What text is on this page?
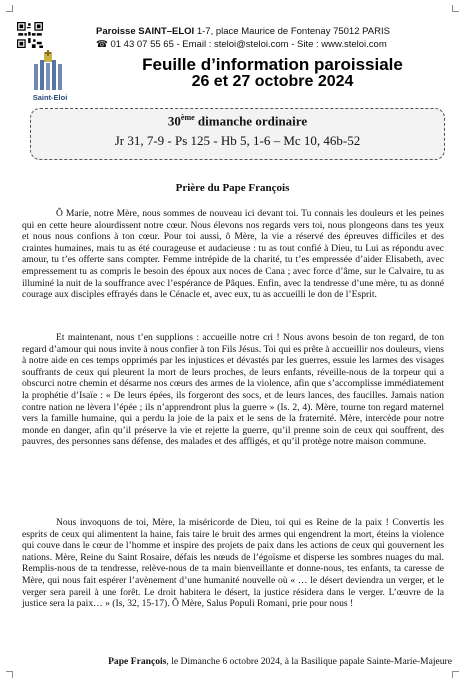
Saint-Eloi
Paroisse SAINT–ELOI 1-7, place Maurice de Fontenay 75012 PARIS
☎ 01 43 07 55 65 - Email : steloi@steloi.com - Site : www.steloi.com
Feuille d’information paroissiale
26 et 27 octobre 2024
30ème dimanche ordinaire
Jr 31, 7-9 - Ps 125 - Hb 5, 1-6 – Mc 10, 46b-52
Prière du Pape François

Ô Marie, notre Mère, nous sommes de nouveau ici devant toi. Tu connais les douleurs et les peines qui en cette heure alourdissent notre cœur. Nous élevons nos regards vers toi, nous plongeons dans tes yeux et nous nous confions à ton cœur. Pour toi aussi, ô Mère, la vie a réservé des épreuves difficiles et des craintes humaines, mais tu as été courageuse et audacieuse : tu as tout confié à Dieu, tu Lui as répondu avec amour, tu t’es offerte sans compter. Femme intrépide de la charité, tu t’es empressée d’aider Elisabeth, avec empressement tu as compris le besoin des époux aux noces de Cana ; avec force d’âme, sur le Calvaire, tu as illuminé la nuit de la souffrance avec l’espérance de Pâques. Enfin, avec la tendresse d’une mère, tu as donné courage aux disciples effrayés dans le Cénacle et, avec eux, tu as accueilli le don de l’Esprit.

Et maintenant, nous t’en supplions : accueille notre cri ! Nous avons besoin de ton regard, de ton regard d’amour qui nous invite à nous confier à ton Fils Jésus. Toi qui es prête à accueillir nos douleurs, viens à notre aide en ces temps opprimés par les injustices et dévastés par les guerres, essuie les larmes des visages souffrants de ceux qui pleurent la mort de leurs proches, de leurs enfants, réveille-nous de la torpeur qui a obscurci notre chemin et désarme nos cœurs des armes de la violence, afin que s’accomplisse immédiatement la prophétie d’Isaïe : « De leurs épées, ils forgeront des socs, et de leurs lances, des faucilles. Jamais nation contre nation ne lèvera l’épée ; ils n’apprendront plus la guerre » (Is. 2, 4). Mère, tourne ton regard maternel vers la famille humaine, qui a perdu la joie de la paix et le sens de la fraternité. Mère, intercède pour notre monde en danger, afin qu’il préserve la vie et rejette la guerre, qu’il prenne soin de ceux qui souffrent, des pauvres, des personnes sans défense, des malades et des affligés, et qu’il protège notre maison commune.

Nous invoquons de toi, Mère, la miséricorde de Dieu, toi qui es Reine de la paix ! Convertis les esprits de ceux qui alimentent la haine, fais taire le bruit des armes qui engendrent la mort, éteins la violence qui couve dans le cœur de l’homme et inspire des projets de paix dans les actions de ceux qui gouvernent les nations. Mère, Reine du Saint Rosaire, défais les nœuds de l’égoïsme et disperse les sombres nuages du mal. Remplis-nous de ta tendresse, relève-nous de ta main bienveillante et donne-nous, tes enfants, ta caresse de Mère, qui nous fait espérer l’avènement d’une humanité nouvelle où « … le désert deviendra un verger, et le verger sera pareil à une forêt. Le droit habitera le désert, la justice résidera dans le verger. L’œuvre de la justice sera la paix… » (Is, 32, 15-17). Ô Mère, Salus Populi Romani, prie pour nous !

Pape François, le Dimanche 6 octobre 2024, à la Basilique papale Sainte-Marie-Majeure
